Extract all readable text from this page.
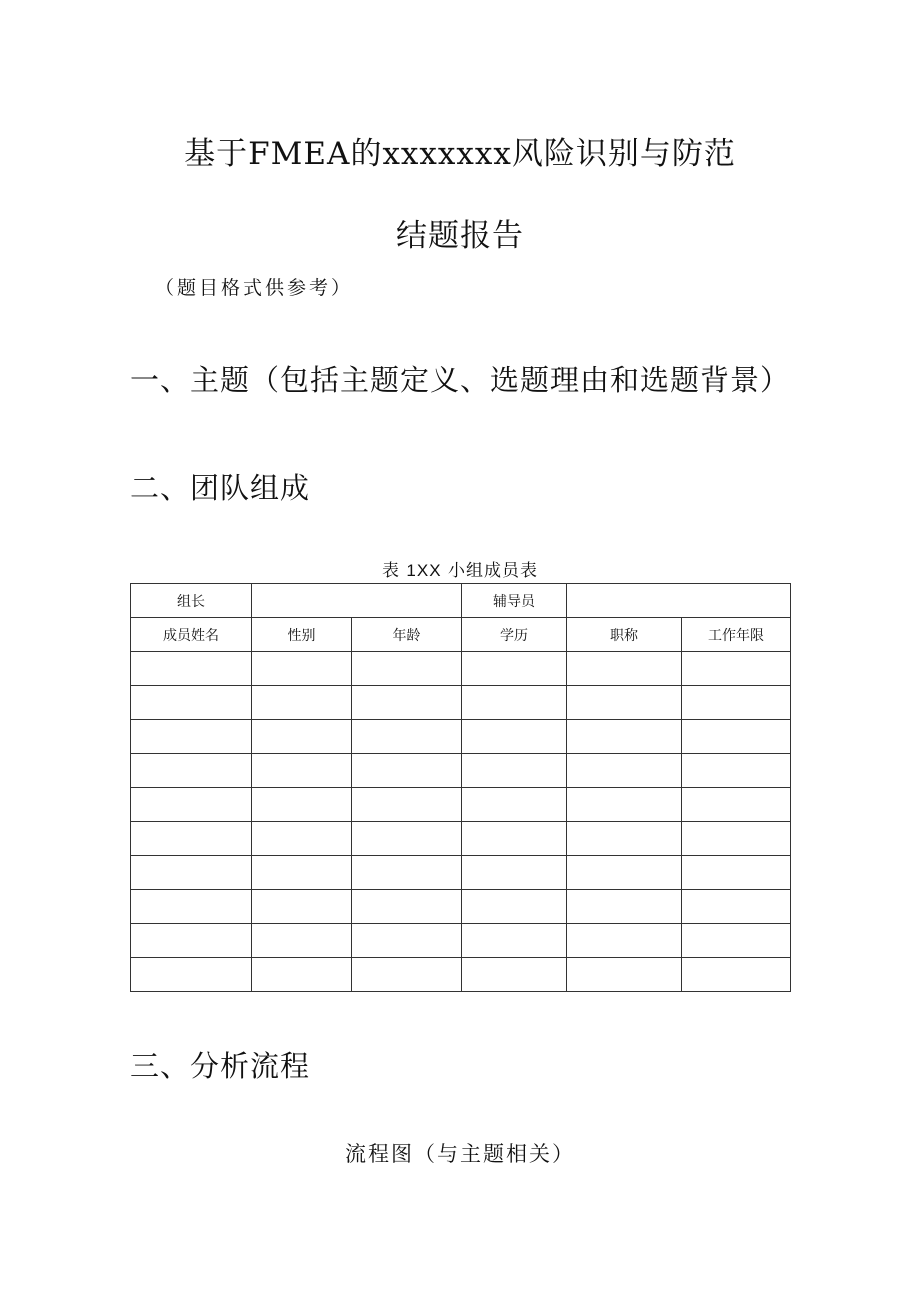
基于FMEA的xxxxxxx风险识别与防范
结题报告
（题目格式供参考）
一、主题（包括主题定义、选题理由和选题背景）
二、团队组成
表 1XX 小组成员表
组长			辅导员		
成员姓名	性别	年龄	学历	职称	工作年限

三、分析流程
流程图（与主题相关）
